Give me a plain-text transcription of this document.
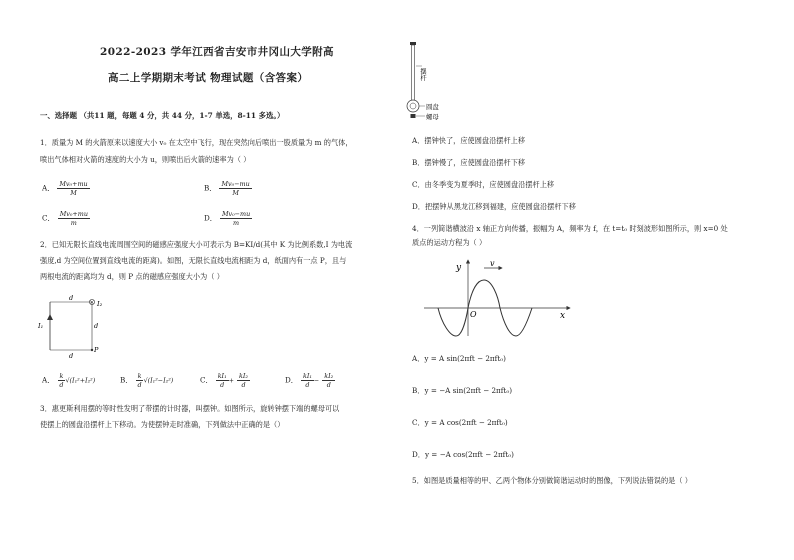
2022-2023 学年江西省吉安市井冈山大学附高
高二上学期期末考试 物理试题（含答案）
一、选择题 （共11 题，每题 4 分，共 44 分，1-7 单选，8-11 多选。）
1．质量为 M 的火箭原来以速度大小 v₀ 在太空中飞行，现在突然向后喷出一股质量为 m 的气体，
喷出气体相对火箭的速度的大小为 u，则喷出后火箭的速率为（ ）
A． $\frac{\text{Mv₀+mu}}{M}$	B． $\frac{\text{Mv₀−mu}}{M}$
C． $\frac{\text{Mv₀+mu}}{m}$	D． $\frac{\text{Mv₀−mu}}{m}$
2．已知无限长直线电流周围空间的磁感应强度大小可表示为 B=KI/d(其中 K 为比例系数,I 为电流
强度,d 为空间位置到直线电流的距离)。如图，无限长直线电流相距为 d，纸面内有一点 P，且与
两根电流的距离均为 d，则 P 点的磁感应强度大小为（ ）
d
d
d
I₁
I₂
P
A． $\frac{k}{d} √(I_1^2+I_2^2)$	B． $\frac{k}{d} √(I_1^2-I_2^2)$	C． $\frac{\text{kI₁}}{d} + \frac{\text{kI₂}}{d}$	D． $\frac{\text{kI₁}}{d} - \frac{\text{kI₂}}{d}$
3．惠更斯利用摆的等时性发明了带摆的计时器，叫摆钟。如图所示，旋转钟摆下端的螺母可以
使摆上的圆盘沿摆杆上下移动。为使摆钟走时准确，下列做法中正确的是（）
摆杆
圆盘
螺母
A．摆钟快了，应使圆盘沿摆杆上移
B．摆钟慢了，应使圆盘沿摆杆下移
C．由冬季变为夏季时，应使圆盘沿摆杆上移
D．把摆钟从黑龙江移到福建，应使圆盘沿摆杆下移
4．一列简谐横波沿 x 轴正方向传播，振幅为 A，频率为 f，在 t=t₀ 时刻波形如图所示，则 x=0 处
质点的运动方程为（ ）
y
x
O
v
A．y = A sin(2πft − 2πft₀)
B．y = −A sin(2πft − 2πft₀)
C．y = A cos(2πft − 2πft₀)
D．y = −A cos(2πft − 2πft₀)
5．如图是质量相等的甲、乙两个物体分别做简谐运动时的图像，下列说法错误的是（ ）
